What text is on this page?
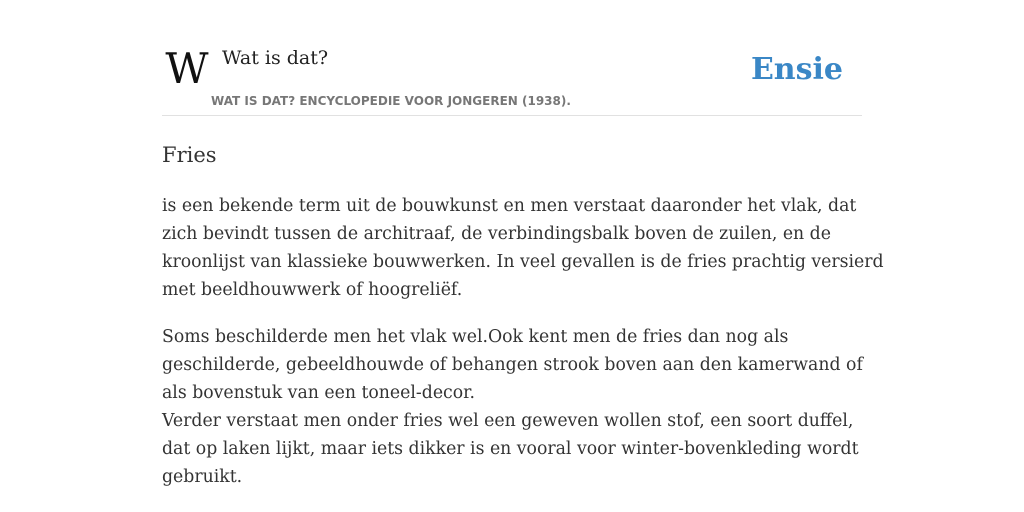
W Wat is dat?	Ensie
WAT IS DAT? ENCYCLOPEDIE VOOR JONGEREN (1938).
Fries

is een bekende term uit de bouwkunst en men verstaat daaronder het vlak, dat
zich bevindt tussen de architraaf, de verbindingsbalk boven de zuilen, en de
kroonlijst van klassieke bouwwerken. In veel gevallen is de fries prachtig versierd
met beeldhouwwerk of hoogreliëf.

Soms beschilderde men het vlak wel.Ook kent men de fries dan nog als
geschilderde, gebeeldhouwde of behangen strook boven aan den kamerwand of
als bovenstuk van een toneel-decor.
Verder verstaat men onder fries wel een geweven wollen stof, een soort duffel,
dat op laken lijkt, maar iets dikker is en vooral voor winter-bovenkleding wordt
gebruikt.
